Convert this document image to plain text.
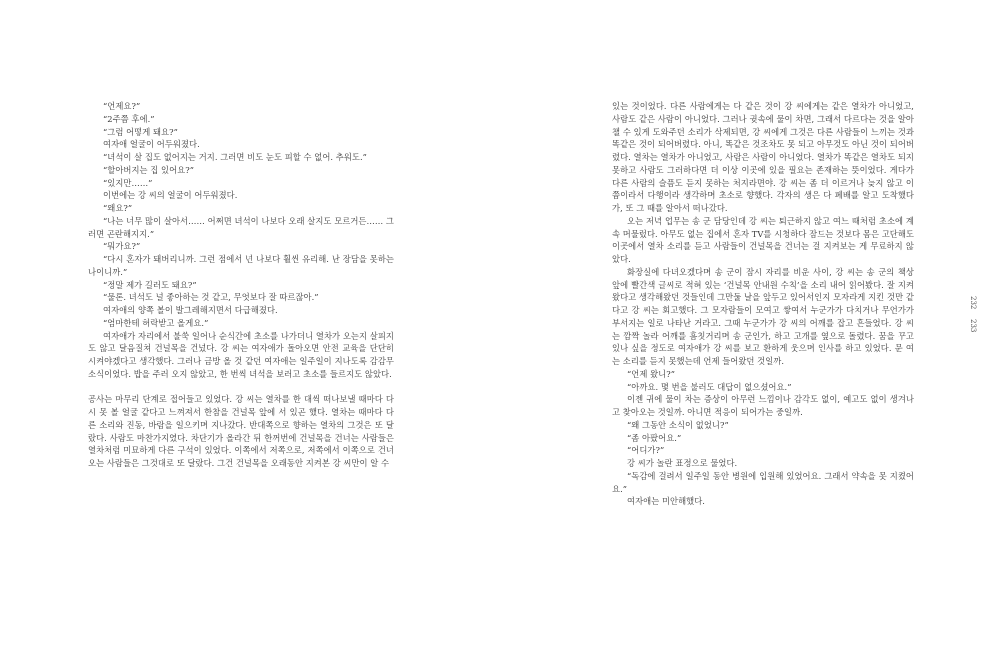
“언제요?”

“2주쯤 후에.”

“그럼 어떻게 돼요?”

여자애 얼굴이 어두워졌다.

“녀석이 살 집도 없어지는 거지. 그러면 비도 눈도 피할 수 없어. 추워도.”

“할아버지는 집 있어요?”

“있지만……”

이번에는 강 씨의 얼굴이 어두워졌다.

“왜요?”

“나는 너무 많이 살아서…… 어쩌면 녀석이 나보다 오래 살지도 모르거든…… 그러면 곤란해지지.”

“뭐가요?”

“다시 혼자가 돼버리니까. 그런 점에서 넌 나보다 훨씬 유리해. 난 장담을 못하는 나이니까.”

“정말 제가 길러도 돼요?”

“물론. 녀석도 널 좋아하는 것 같고, 무엇보다 잘 따르잖아.”

여자애의 양쪽 볼이 발그레해지면서 다급해졌다.

“엄마한테 허락받고 올게요.”

여자애가 자리에서 불쑥 일어나 순식간에 초소를 나가더니 열차가 오는지 살피지도 않고 달음질쳐 건널목을 건넜다. 강 씨는 여자애가 돌아오면 안전 교육을 단단히 시켜야겠다고 생각했다. 그러나 금방 올 것 같던 여자애는 일주일이 지나도록 감감무소식이었다. 밥을 주러 오지 않았고, 한 번씩 녀석을 보러고 초소를 들르지도 않았다.

공사는 마무리 단계로 접어들고 있었다. 강 씨는 열차를 한 대씩 떠나보낼 때마다 다시 못 볼 얼굴 같다고 느껴져서 한참을 건널목 앞에 서 있곤 했다. 열차는 때마다 다른 소리와 진동, 바람을 일으키며 지나갔다. 반대쪽으로 향하는 열차의 그것은 또 달랐다. 사람도 마찬가지였다. 차단기가 올라간 뒤 한꺼번에 건널목을 건너는 사람들은 열차처럼 미묘하게 다른 구석이 있었다. 이쪽에서 저쪽으로, 저쪽에서 이쪽으로 건너오는 사람들은 그것대로 또 달랐다. 그건 건널목을 오래동안 지켜본 강 씨만이 알 수

있는 것이었다. 다른 사람에게는 다 같은 것이 강 씨에게는 같은 열차가 아니었고, 사람도 같은 사람이 아니었다. 그러나 귓속에 물이 차면, 그래서 다르다는 것을 알아챌 수 있게 도와주던 소리가 삭제되면, 강 씨에게 그것은 다른 사람들이 느끼는 것과 똑같은 것이 되어버렸다. 아니, 똑같은 것조차도 못 되고 아무것도 아닌 것이 되어버렸다. 열차는 열차가 아니었고, 사람은 사람이 아니었다. 열차가 똑같은 열차도 되지 못하고 사람도 그러하다면 더 이상 이곳에 있을 필요는 존재하는 뜻이었다. 게다가 다른 사람의 슬픔도 듣지 못하는 처지라면야. 강 씨는 좀 더 이르거나 늦지 않고 이쯤이라서 다행이라 생각하며 초소로 향했다. 각자의 생은 다 페배를 알고 도착했다가, 또 그 때를 알아서 떠나갔다.

오는 저녁 업무는 송 군 담당인데 강 씨는 퇴근하지 않고 여느 때처럼 초소에 계속 머물렀다. 아무도 없는 집에서 혼자 TV를 시청하다 잠드는 것보다 몸은 고단해도 이곳에서 열차 소리를 듣고 사람들이 건널목을 건너는 걸 지켜보는 게 무료하지 않았다.

화장실에 다녀오겠다며 송 군이 잠시 자리를 비운 사이, 강 씨는 송 군의 책상 앞에 빨간색 글씨로 적혀 있는 ‘건널목 안내원 수칙’을 소리 내어 읽어봤다. 잘 지켜왔다고 생각해왔던 것들인데 그만둘 날을 앞두고 있어서인지 모자라게 지킨 것만 같다고 강 씨는 회고했다. 그 모자람들이 모여고 쌓여서 누군가가 다치거나 무언가가 부서지는 일로 나타난 거라고. 그때 누군가가 강 씨의 어깨를 잡고 흔들었다. 강 씨는 깜짝 놀라 어깨를 흠칫거리며 송 군인가, 하고 고개를 옆으로 돌렸다. 꿈을 꾸고 있나 싶을 정도로 여자애가 강 씨를 보고 환하게 웃으며 인사를 하고 있었다. 문 여는 소리를 듣지 못했는데 언제 들어왔던 것일까.

“언제 왔니?”

“아까요. 몇 번을 불러도 대답이 없으셨어요.”

이젠 귀에 물이 차는 증상이 아무런 느낌이나 감각도 없이, 예고도 없이 생겨나고 찾아오는 것일까. 아니면 적응이 되어가는 중일까.

“왜 그동안 소식이 없었니?”

“좀 아팠어요.”

“어디가?”

강 씨가 놀란 표정으로 물었다.

“독감에 걸려서 일주일 동안 병원에 입원해 있었어요. 그래서 약속을 못 지켰어요.”

여자애는 미안해했다.

232
233
